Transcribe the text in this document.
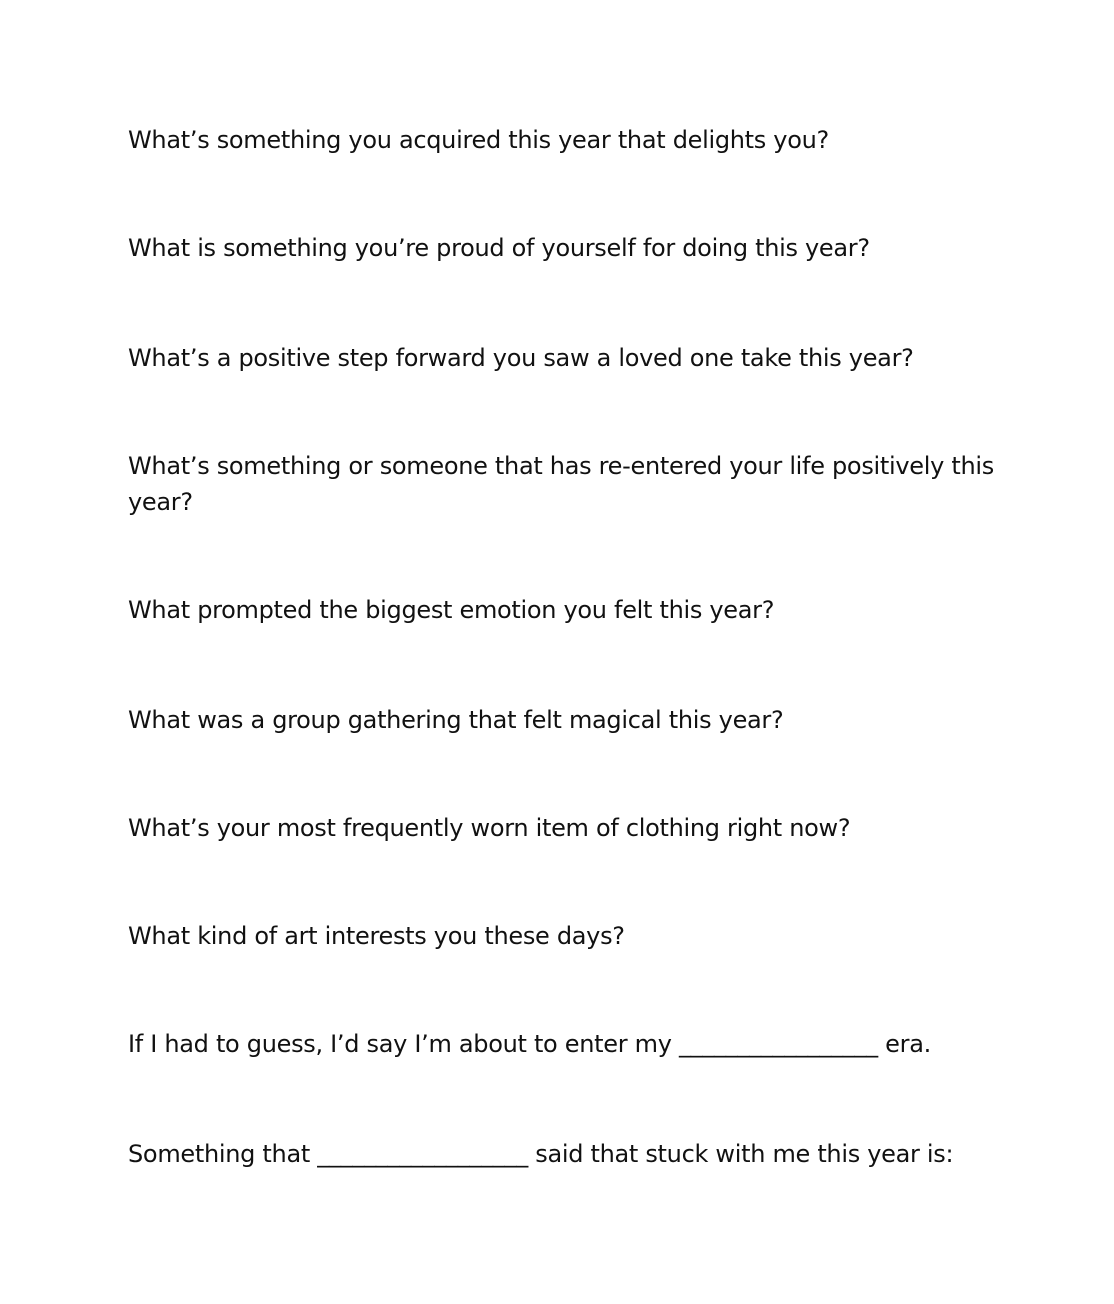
What’s something you acquired this year that delights you?

What is something you’re proud of yourself for doing this year?

What’s a positive step forward you saw a loved one take this year?

What’s something or someone that has re-entered your life positively this year?

What prompted the biggest emotion you felt this year?

What was a group gathering that felt magical this year?

What’s your most frequently worn item of clothing right now?

What kind of art interests you these days?

If I had to guess, I’d say I’m about to enter my _________________ era.

Something that __________________ said that stuck with me this year is:
